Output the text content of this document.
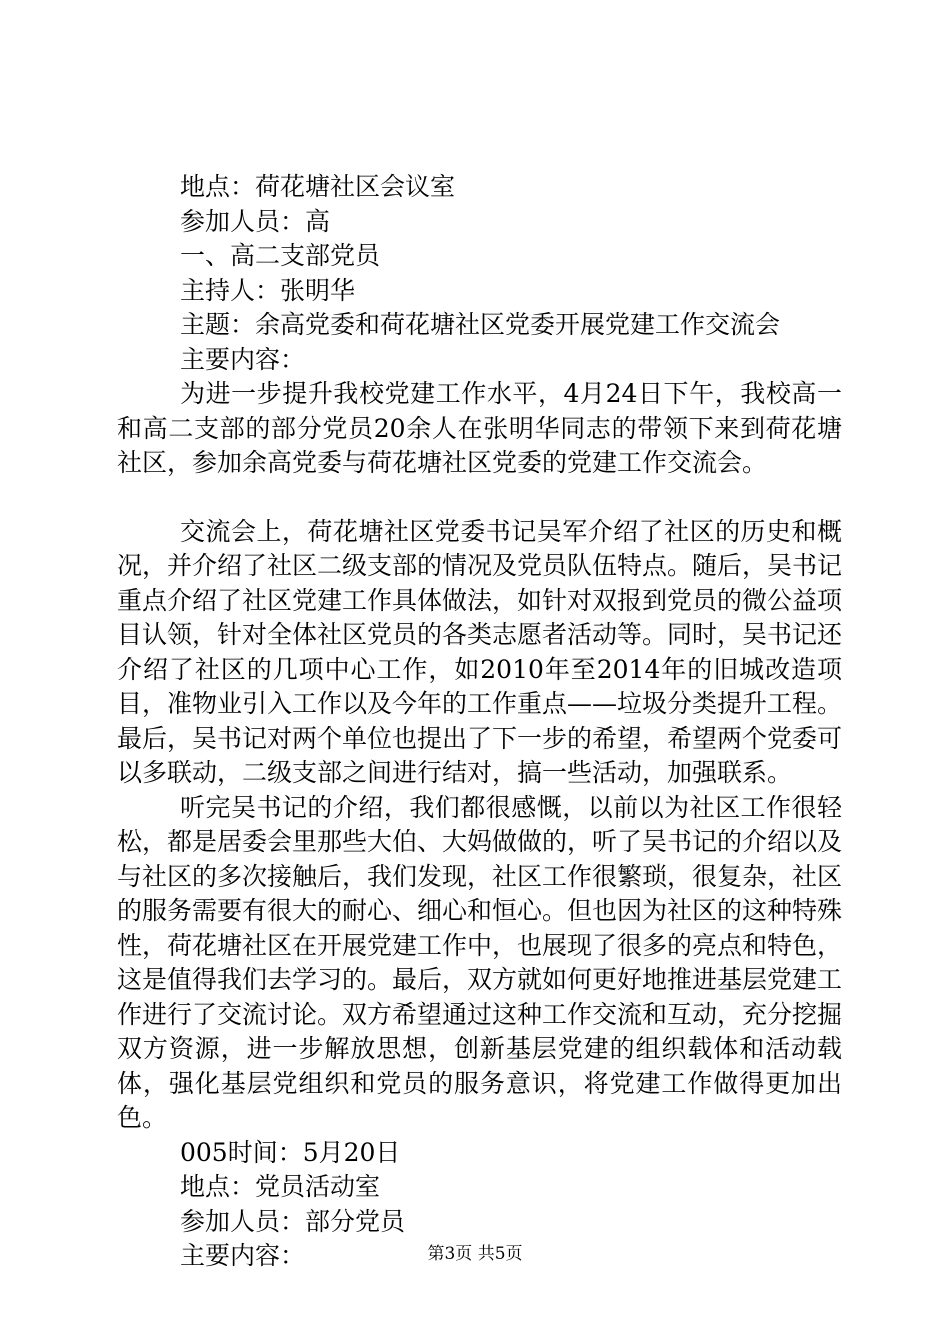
地点：荷花塘社区会议室
参加人员：高
一、高二支部党员
主持人：张明华
主题：余高党委和荷花塘社区党委开展党建工作交流会
主要内容：

为进一步提升我校党建工作水平，4月24日下午，我校高一和高二支部的部分党员20余人在张明华同志的带领下来到荷花塘社区，参加余高党委与荷花塘社区党委的党建工作交流会。

交流会上，荷花塘社区党委书记吴军介绍了社区的历史和概况，并介绍了社区二级支部的情况及党员队伍特点。随后，吴书记重点介绍了社区党建工作具体做法，如针对双报到党员的微公益项目认领，针对全体社区党员的各类志愿者活动等。同时，吴书记还介绍了社区的几项中心工作，如2010年至2014年的旧城改造项目，准物业引入工作以及今年的工作重点——垃圾分类提升工程。最后，吴书记对两个单位也提出了下一步的希望，希望两个党委可以多联动，二级支部之间进行结对，搞一些活动，加强联系。

听完吴书记的介绍，我们都很感慨，以前以为社区工作很轻松，都是居委会里那些大伯、大妈做做的，听了吴书记的介绍以及与社区的多次接触后，我们发现，社区工作很繁琐，很复杂，社区的服务需要有很大的耐心、细心和恒心。但也因为社区的这种特殊性，荷花塘社区在开展党建工作中，也展现了很多的亮点和特色，这是值得我们去学习的。最后，双方就如何更好地推进基层党建工作进行了交流讨论。双方希望通过这种工作交流和互动，充分挖掘双方资源，进一步解放思想，创新基层党建的组织载体和活动载体，强化基层党组织和党员的服务意识，将党建工作做得更加出色。

005时间：5月20日
地点：党员活动室
参加人员：部分党员
主要内容：	第3页 共5页
